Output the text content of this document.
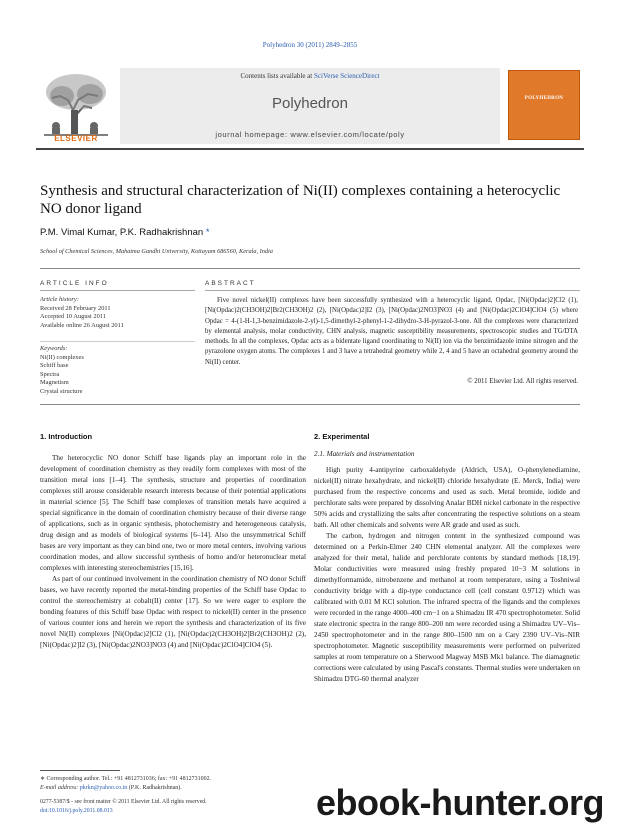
Polyhedron 30 (2011) 2849–2855
ELSEVIER
Contents lists available at SciVerse ScienceDirect
Polyhedron
journal homepage: www.elsevier.com/locate/poly
POLYHEDRON
Synthesis and structural characterization of Ni(II) complexes containing a heterocyclic NO donor ligand
P.M. Vimal Kumar, P.K. Radhakrishnan *
School of Chemical Sciences, Mahatma Gandhi University, Kottayam 686560, Kerala, India
ARTICLE INFO
Article history:
Received 28 February 2011
Accepted 10 August 2011
Available online 26 August 2011
Keywords:
Ni(II) complexes
Schiff base
Spectra
Magnetism
Crystal structure
ABSTRACT
Five novel nickel(II) complexes have been successfully synthesized with a heterocyclic ligand, Opdac, [Ni(Opdac)2]Cl2 (1), [Ni(Opdac)2(CH3OH)2]Br2(CH3OH)2 (2), [Ni(Opdac)2]I2 (3), [Ni(Opdac)2NO3]NO3 (4) and [Ni(Opdac)2ClO4]ClO4 (5) where Opdac = 4-(1-H-1,3-benzimidazole-2-yl)-1,5-dimethyl-2-phenyl-1-2-dihydro-3-H-pyrazol-3-one. All the complexes were characterized by elemental analysis, molar conductivity, CHN analysis, magnetic susceptibility measurements, spectroscopic studies and TG/DTA methods. In all the complexes, Opdac acts as a bidentate ligand coordinating to Ni(II) ion via the benzimidazole imine nitrogen and the pyrazolone oxygen atoms. The complexes 1 and 3 have a tetrahedral geometry while 2, 4 and 5 have an octahedral geometry around the Ni(II) center.
© 2011 Elsevier Ltd. All rights reserved.
1. Introduction
The heterocyclic NO donor Schiff base ligands play an important role in the development of coordination chemistry as they readily form complexes with most of the transition metal ions [1–4]. The synthesis, structure and properties of coordination complexes still arouse considerable research interests because of their potential applications in material science [5]. The Schiff base complexes of transition metals have acquired a special significance in the domain of coordination chemistry because of their diverse range of applications, such as in organic synthesis, photochemistry and heterogeneous catalysis, drug design and as models of biological systems [6–14]. Also the unsymmetrical Schiff bases are very important as they can bind one, two or more metal centers, involving various coordination modes, and allow successful synthesis of homo and/or heteronuclear metal complexes with interesting stereochemistries [15,16].
As part of our continued involvement in the coordination chemistry of NO donor Schiff bases, we have recently reported the metal-binding properties of the Schiff base Opdac to control the stereochemistry at cobalt(II) center [17]. So we were eager to explore the bonding features of this Schiff base Opdac with respect to nickel(II) center in the presence of various counter ions and herein we report the synthesis and characterization of its five novel Ni(II) complexes [Ni(Opdac)2]Cl2 (1), [Ni(Opdac)2(CH3OH)2]Br2(CH3OH)2 (2), [Ni(Opdac)2]I2 (3), [Ni(Opdac)2NO3]NO3 (4) and [Ni(Opdac)2ClO4]ClO4 (5).
2. Experimental
2.1. Materials and instrumentation
High purity 4-antipyrine carboxaldehyde (Aldrich, USA), O-phenylenediamine, nickel(II) nitrate hexahydrate, and nickel(II) chloride hexahydrate (E. Merck, India) were purchased from the respective concerns and used as such. Metal bromide, iodide and perchlorate salts were prepared by dissolving Analar BDH nickel carbonate in the respective 50% acids and crystallizing the salts after concentrating the respective solutions on a steam bath. All other chemicals and solvents were AR grade and used as such.
The carbon, hydrogen and nitrogen content in the synthesized compound was determined on a Perkin-Elmer 240 CHN elemental analyzer. All the complexes were analyzed for their metal, halide and perchlorate contents by standard methods [18,19]. Molar conductivities were measured using freshly prepared 10−3 M solutions in dimethylformamide, nitrobenzene and methanol at room temperature, using a Toshniwal conductivity bridge with a dip-type conductance cell (cell constant 0.9712) which was calibrated with 0.01 M KCl solution. The infrared spectra of the ligands and the complexes were recorded in the range 4000–400 cm−1 on a Shimadzu IR 470 spectrophotometer. Solid state electronic spectra in the range 800–200 nm were recorded using a Shimadzu UV–Vis–2450 spectrophotometer and in the range 800–1500 nm on a Cary 2390 UV–Vis–NIR spectrophotometer. Magnetic susceptibility measurements were performed on pulverized samples at room temperature on a Sherwood Magway MSB Mk1 balance. The diamagnetic corrections were calculated by using Pascal's constants. Thermal studies were undertaken on Shimadzu DTG-60 thermal analyzer
∗ Corresponding author. Tel.: +91 4812731036; fax: +91 4812731002.
E-mail address: pkrkn@yahoo.co.in (P.K. Radhakrishnan).
0277-5387/$ - see front matter © 2011 Elsevier Ltd. All rights reserved.
doi:10.1016/j.poly.2011.08.013	ebook-hunter.org
